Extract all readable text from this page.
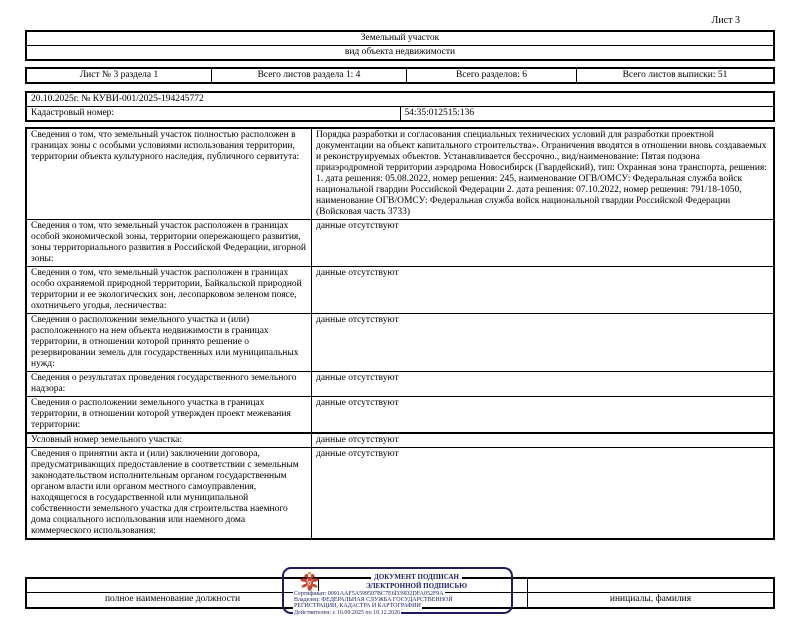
Лист 3
Земельный участок
вид объекта недвижимости
Лист № 3 раздела 1	Всего листов раздела 1: 4	Всего разделов: 6	Всего листов выписки: 51
20.10.2025г. № КУВИ-001/2025-194245772
Кадастровый номер:	54:35:012515:136
Сведения о том, что земельный участок полностью расположен в границах зоны с особыми условиями использования территории, территории объекта культурного наследия, публичного сервитута:	Порядка разработки и согласования специальных технических условий для разработки проектной документации на объект капитального строительства». Ограничения вводятся в отношении вновь создаваемых и реконструируемых объектов. Устанавливается бессрочно., вид/наименование: Пятая подзона приаэродромной территории аэродрома Новосибирск (Гвардейский), тип: Охранная зона транспорта, решения: 1. дата решения: 05.08.2022, номер решения: 245, наименование ОГВ/ОМСУ: Федеральная служба войск национальной гвардии Российской Федерации 2. дата решения: 07.10.2022, номер решения: 791/18-1050, наименование ОГВ/ОМСУ: Федеральная служба войск национальной гвардии Российской Федерации (Войсковая часть 3733)
Сведения о том, что земельный участок расположен в границах особой экономической зоны, территории опережающего развития, зоны территориального развития в Российской Федерации, игорной зоны:	данные отсутствуют
Сведения о том, что земельный участок расположен в границах особо охраняемой природной территории, Байкальской природной территории и ее экологических зон, лесопарковом зеленом поясе, охотничьего угодья, лесничества:	данные отсутствуют
Сведения о расположении земельного участка и (или) расположенного на нем объекта недвижимости в границах территории, в отношении которой принято решение о резервировании земель для государственных или муниципальных нужд:	данные отсутствуют
Сведения о результатах проведения государственного земельного надзора:	данные отсутствуют
Сведения о расположении земельного участка в границах территории, в отношении которой утвержден проект межевания территории:	данные отсутствуют
Условный номер земельного участка:	данные отсутствуют
Сведения о принятии акта и (или) заключении договора, предусматривающих предоставление в соответствии с земельным законодательством исполнительным органом государственным органом власти или органом местного самоуправления, находящегося в государственной или муниципальной собственности земельного участка для строительства наемного дома социального использования или наемного дома коммерческого использования:	данные отсутствуют

полное наименование должности		инициалы, фамилия
ДОКУМЕНТ ПОДПИСАН
ЭЛЕКТРОННОЙ ПОДПИСЬЮ
Сертификат: 0091AAF5A599507BC7E6D39D2DFA052F9A
Владелец: ФЕДЕРАЛЬНАЯ СЛУЖБА ГОСУДАРСТВЕННОЙ
РЕГИСТРАЦИИ, КАДАСТРА И КАРТОГРАФИИ
Действителен: с 16.09.2025 по 10.12.2026
